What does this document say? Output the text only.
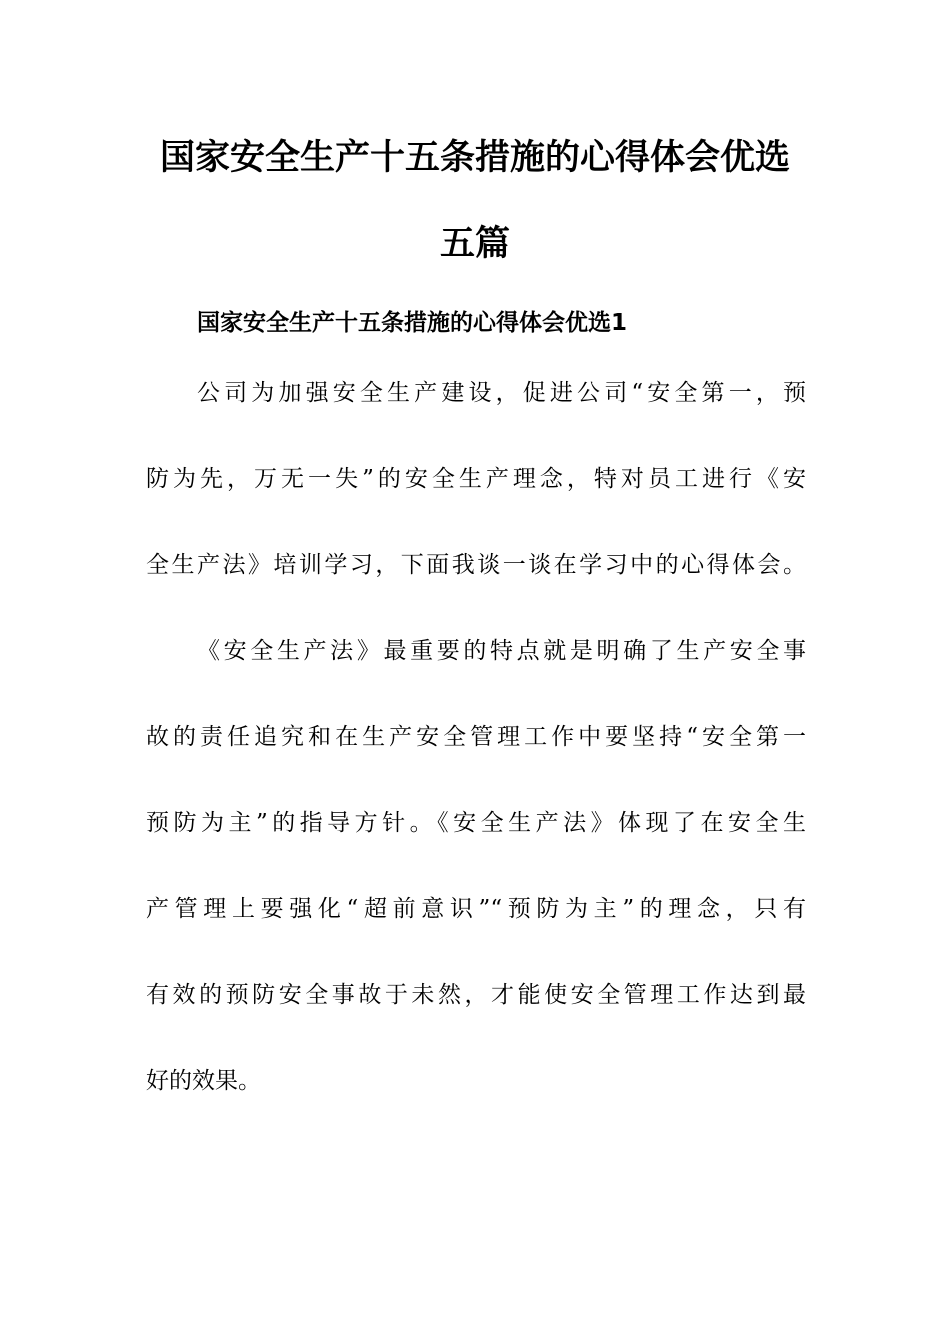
国家安全生产十五条措施的心得体会优选
五篇
国家安全生产十五条措施的心得体会优选1
公司为加强安全生产建设，促进公司“安全第一，预
防为先，万无一失”的安全生产理念，特对员工进行《安
全生产法》培训学习，下面我谈一谈在学习中的心得体会。
《安全生产法》最重要的特点就是明确了生产安全事
故的责任追究和在生产安全管理工作中要坚持“安全第一
预防为主”的指导方针。《安全生产法》体现了在安全生
产管理上要强化“超前意识”“预防为主”的理念，只有
有效的预防安全事故于未然，才能使安全管理工作达到最
好的效果。
